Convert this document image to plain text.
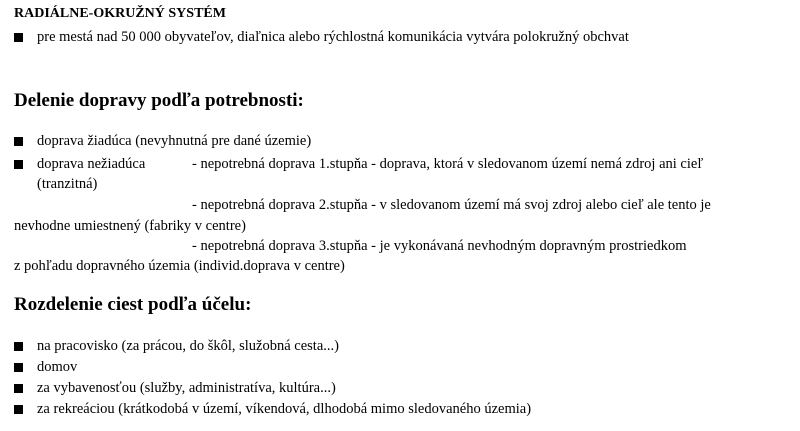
RADIÁLNE-OKRUŽNÝ SYSTÉM
pre mestá nad 50 000 obyvateľov, diaľnica alebo rýchlostná komunikácia vytvára polokružný obchvat
Delenie dopravy podľa potrebnosti:
doprava žiadúca (nevyhnutná pre dané územie)
doprava nežiadúca
(tranzitná)
- nepotrebná doprava 1.stupňa - doprava, ktorá v sledovanom území nemá zdroj ani cieľ
- nepotrebná doprava 2.stupňa - v sledovanom území má svoj zdroj alebo cieľ ale tento je
nevhodne umiestnený (fabriky v centre)
- nepotrebná doprava 3.stupňa - je vykonávaná nevhodným dopravným prostriedkom
z pohľadu dopravného územia (individ.doprava v centre)
Rozdelenie ciest podľa účelu:
na pracovisko (za prácou, do škôl, služobná cesta...)
domov
za vybavenosťou (služby, administratíva, kultúra...)
za rekreáciou (krátkodobá v území, víkendová, dlhodobá mimo sledovaného územia)
